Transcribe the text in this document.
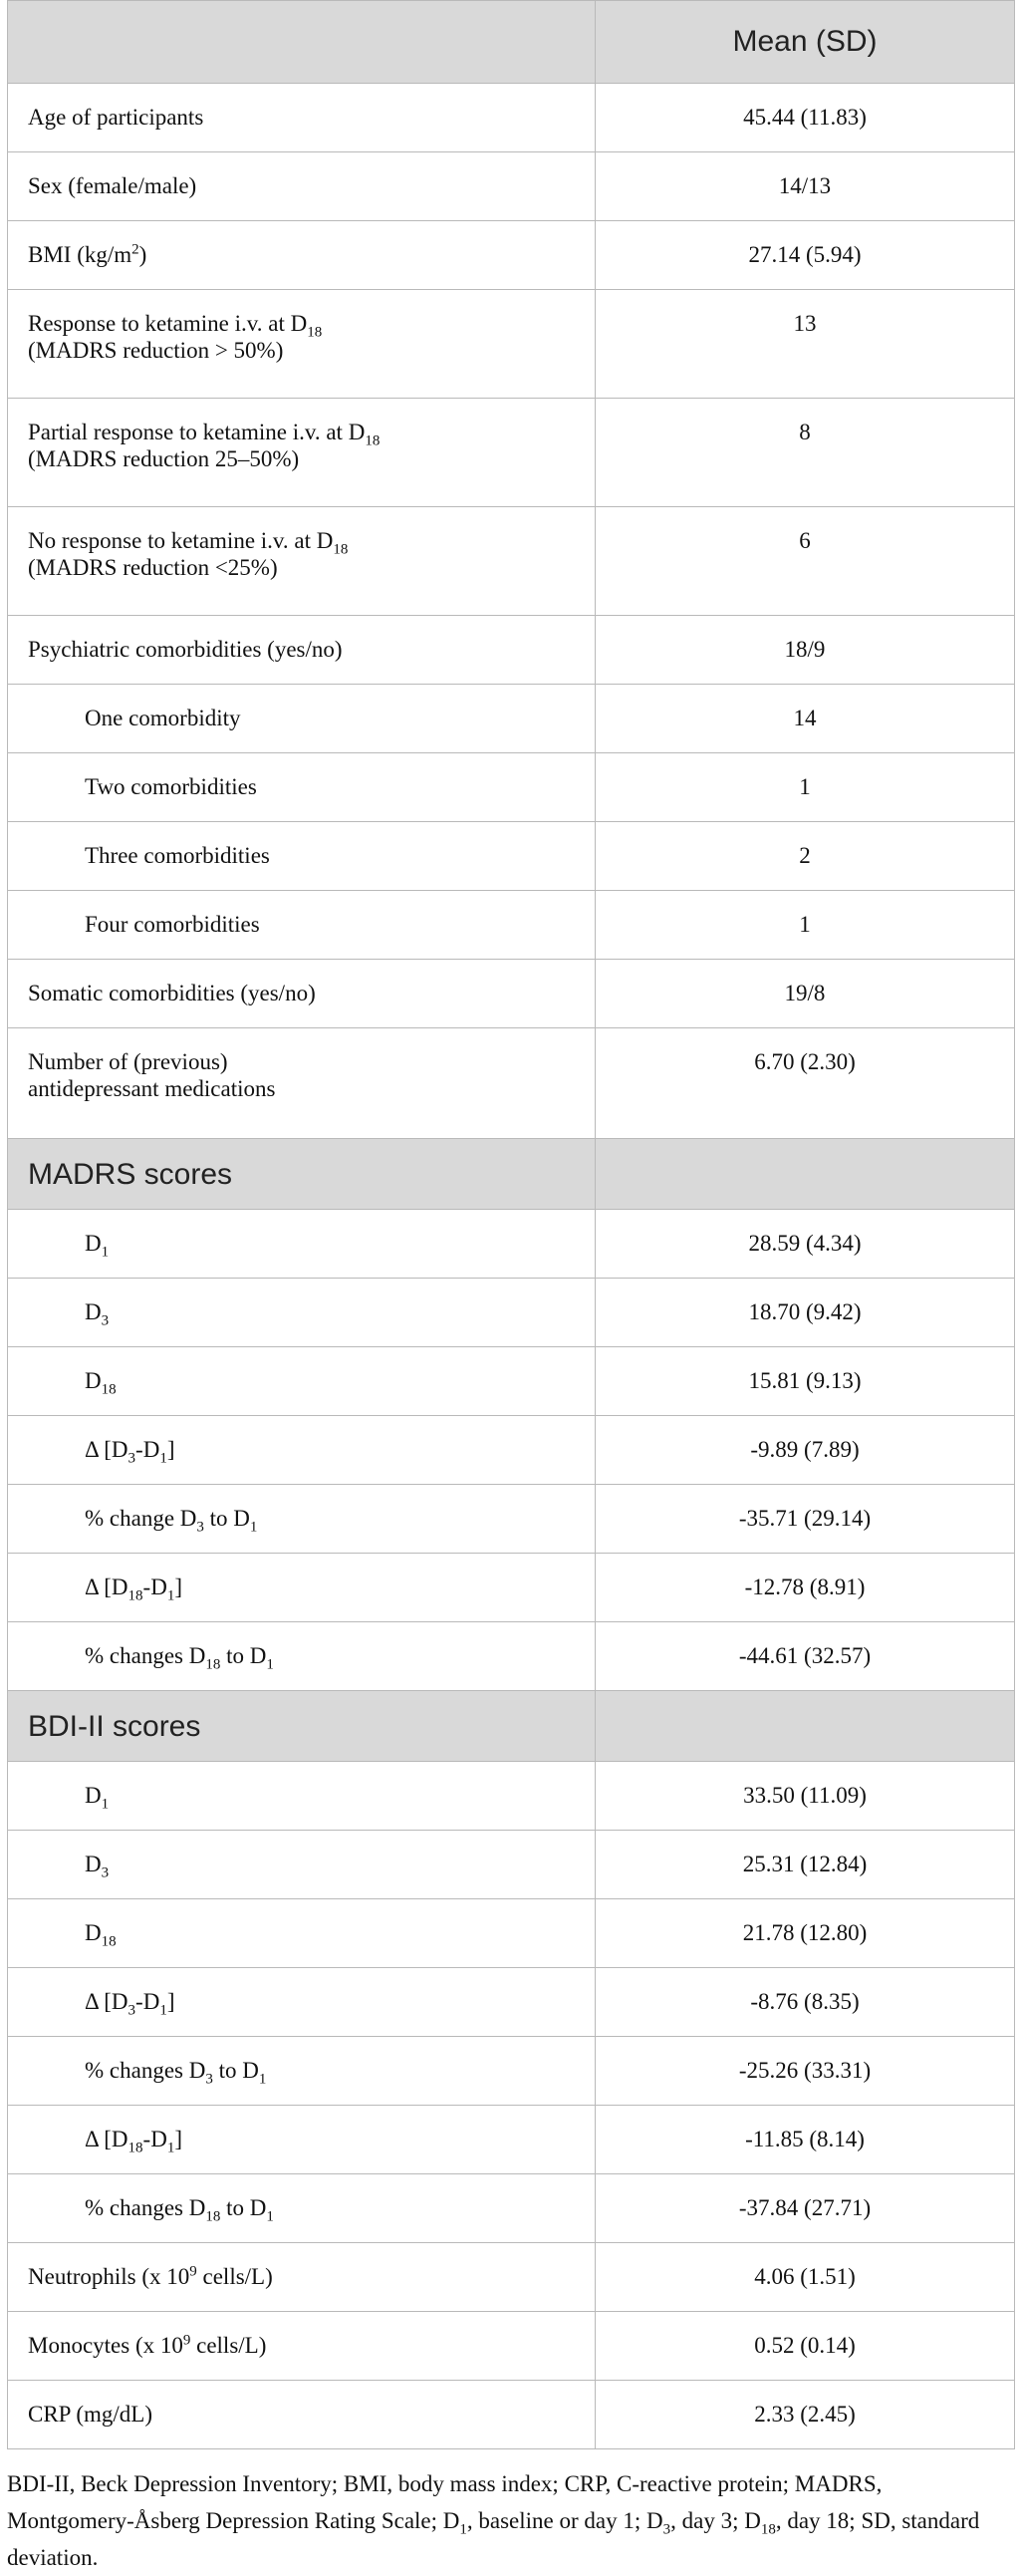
	Mean (SD)

Age of participants	45.44 (11.83)

Sex (female/male)	14/13

BMI $(kg/m^2)$	27.14 (5.94)

Response to ketamine i.v. at $D_{18}$
(MADRS reduction > 50%)	13

Partial response to ketamine i.v. at $D_{18}$
(MADRS reduction 25–50%)	8

No response to ketamine i.v. at $D_{18}$
(MADRS reduction <25%)	6

Psychiatric comorbidities (yes/no)	18/9

One comorbidity	14

Two comorbidities	1

Three comorbidities	2

Four comorbidities	1

Somatic comorbidities (yes/no)	19/8

Number of (previous)
antidepressant medications	6.70 (2.30)

MADRS scores	

$D_1$	28.59 (4.34)

$D_3$	18.70 (9.42)

$D_{18}$	15.81 (9.13)

Δ $[D_3-D_1]$	-9.89 (7.89)

% change $D_3$ to $D_1$	-35.71 (29.14)

Δ $[D_{18}-D_1]$	-12.78 (8.91)

% changes $D_{18}$ to $D_1$	-44.61 (32.57)

BDI-II scores	

$D_1$	33.50 (11.09)

$D_3$	25.31 (12.84)

$D_{18}$	21.78 (12.80)

Δ $[D_3-D_1]$	-8.76 (8.35)

% changes $D_3$ to $D_1$	-25.26 (33.31)

Δ $[D_{18}-D_1]$	-11.85 (8.14)

% changes $D_{18}$ to $D_1$	-37.84 (27.71)

Neutrophils (x $10^9$ cells/L)	4.06 (1.51)

Monocytes (x $10^9$ cells/L)	0.52 (0.14)

CRP (mg/dL)	2.33 (2.45)
BDI-II, Beck Depression Inventory; BMI, body mass index; CRP, C-reactive protein; MADRS, Montgomery-Åsberg Depression Rating Scale; $D_1$, baseline or day 1; $D_3$, day 3; $D_{18}$, day 18; SD, standard deviation.
